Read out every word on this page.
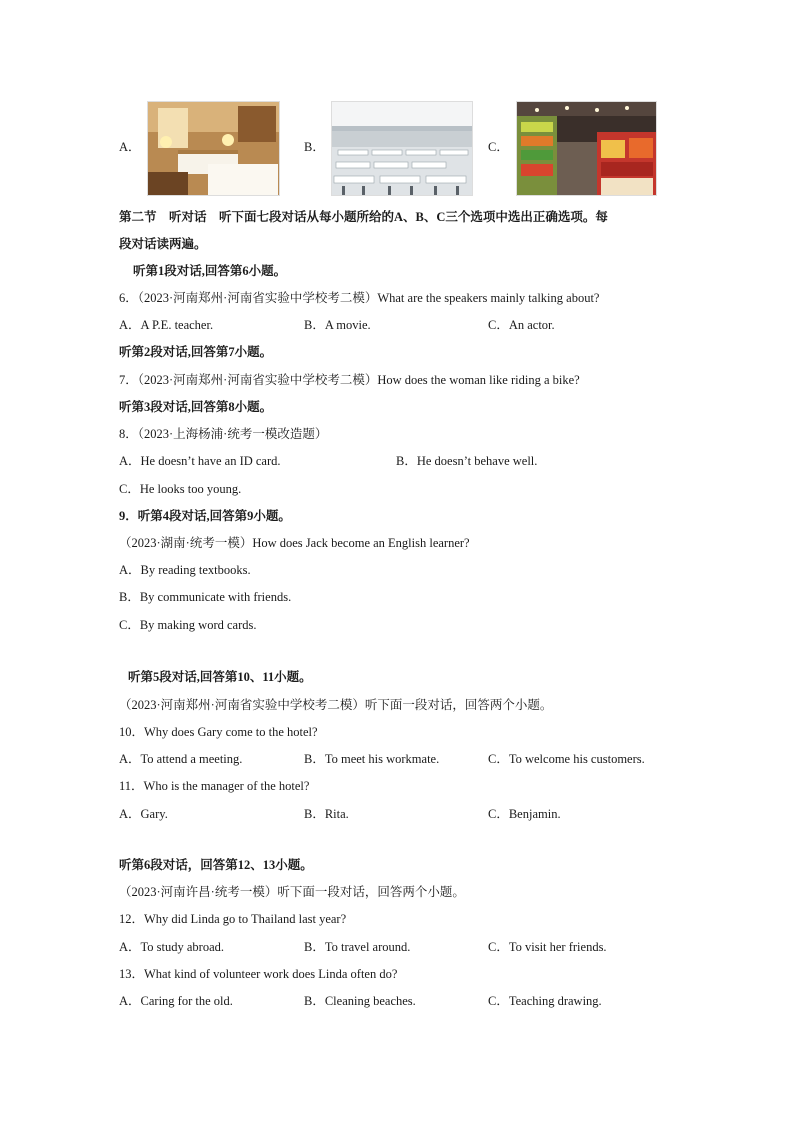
A．	B．	C．
第二节　听对话　听下面七段对话从每小题所给的A、B、C三个选项中选出正确选项。每
段对话读两遍。
听第1段对话,回答第6小题。
6．（2023·河南郑州·河南省实验中学校考二模）What are the speakers mainly talking about?
A．A P.E. teacher.	B．A movie.	C．An actor.
听第2段对话,回答第7小题。
7．（2023·河南郑州·河南省实验中学校考二模）How does the woman like riding a bike?
听第3段对话,回答第8小题。
8．（2023·上海杨浦·统考一模改造题）
A．He doesn’t have an ID card.	B．He doesn’t behave well.
C．He looks too young.
9．听第4段对话,回答第9小题。
（2023·湖南·统考一模）How does Jack become an English learner?
A．By reading textbooks.
B．By communicate with friends.
C．By making word cards.
听第5段对话,回答第10、11小题。
（2023·河南郑州·河南省实验中学校考二模）听下面一段对话，回答两个小题。
10．Why does Gary come to the hotel?
A．To attend a meeting.	B．To meet his workmate.	C．To welcome his customers.
11．Who is the manager of the hotel?
A．Gary.	B．Rita.	C．Benjamin.
听第6段对话，回答第12、13小题。
（2023·河南许昌·统考一模）听下面一段对话，回答两个小题。
12．Why did Linda go to Thailand last year?
A．To study abroad.	B．To travel around.	C．To visit her friends.
13．What kind of volunteer work does Linda often do?
A．Caring for the old.	B．Cleaning beaches.	C．Teaching drawing.
